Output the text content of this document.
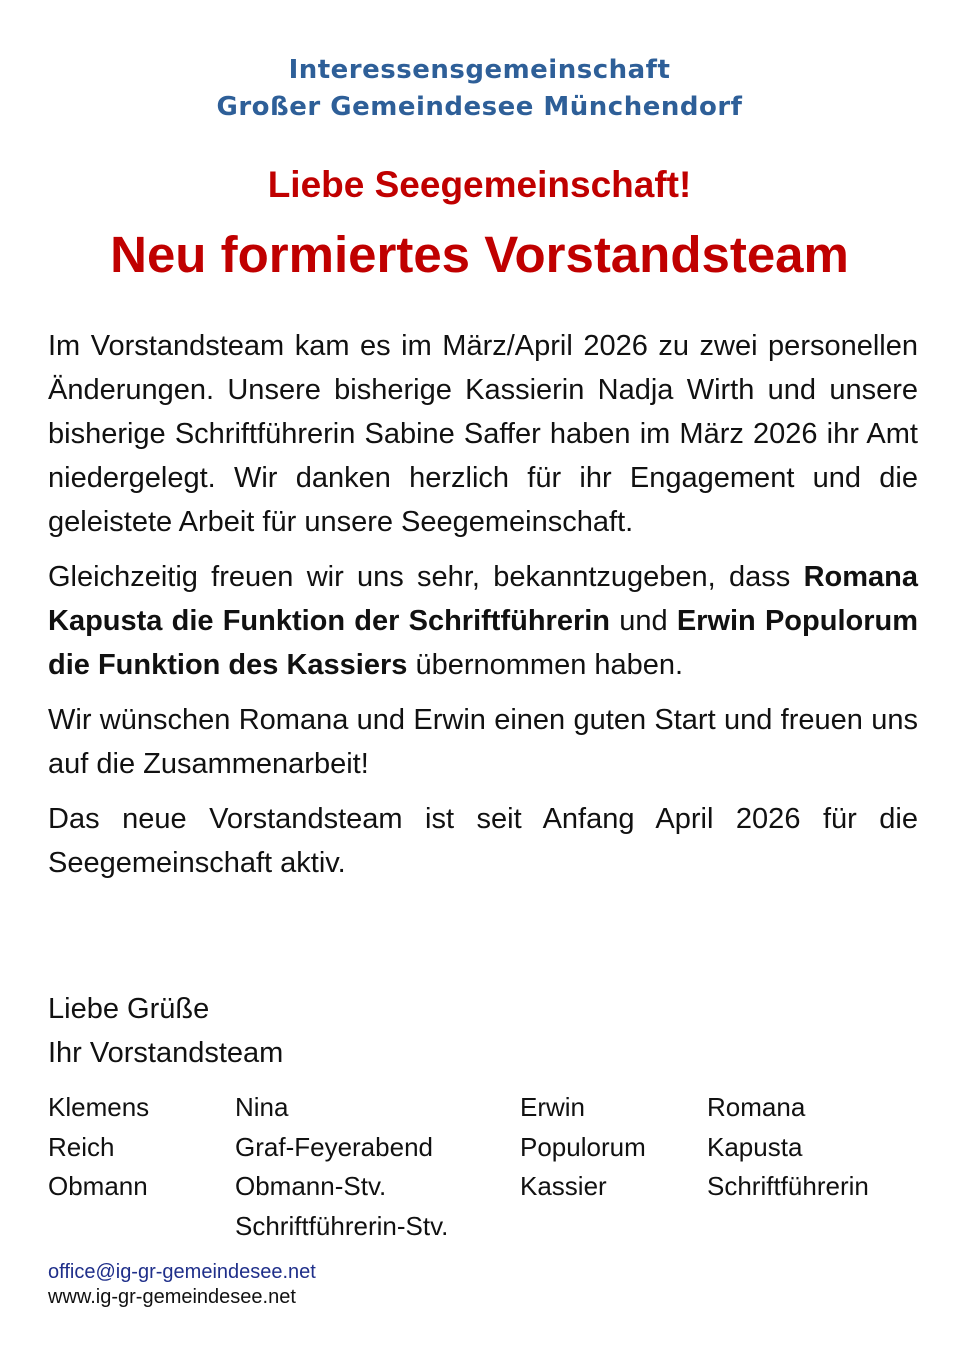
Interessensgemeinschaft
Großer Gemeindesee Münchendorf
Liebe Seegemeinschaft!
Neu formiertes Vorstandsteam

Im Vorstandsteam kam es im März/April 2026 zu zwei personellen Änderungen. Unsere bisherige Kassierin Nadja Wirth und unsere bisherige Schriftführerin Sabine Saffer haben im März 2026 ihr Amt niedergelegt. Wir danken herzlich für ihr Engagement und die geleistete Arbeit für unsere Seegemeinschaft.

Gleichzeitig freuen wir uns sehr, bekanntzugeben, dass Romana Kapusta die Funktion der Schriftführerin und Erwin Populorum die Funktion des Kassiers übernommen haben.

Wir wünschen Romana und Erwin einen guten Start und freuen uns auf die Zusammenarbeit!

Das neue Vorstandsteam ist seit Anfang April 2026 für die Seegemeinschaft aktiv.

Liebe Grüße
Ihr Vorstandsteam
Klemens
Reich
Obmann
Nina
Graf-Feyerabend
Obmann-Stv.
Schriftführerin-Stv.
Erwin
Populorum
Kassier
Romana
Kapusta
Schriftführerin
office@ig-gr-gemeindesee.net
www.ig-gr-gemeindesee.net
